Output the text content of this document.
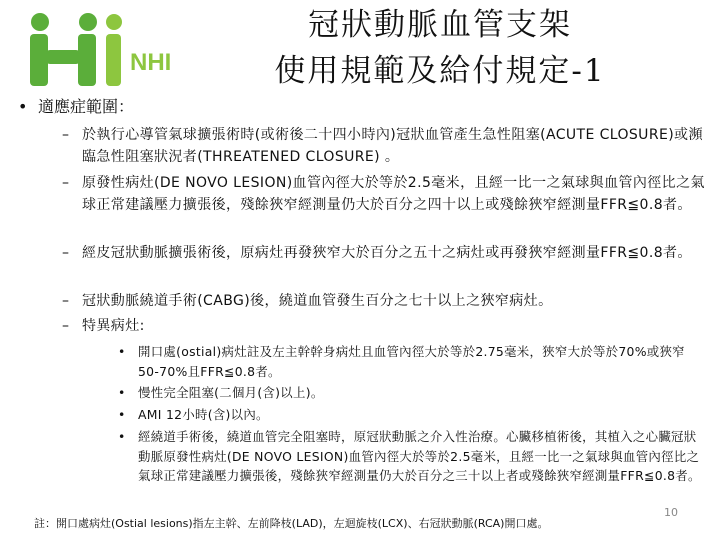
NHI
冠狀動脈血管支架
使用規範及給付規定-1
• 適應症範圍：
– 於執行心導管氣球擴張術時(或術後二十四小時內)冠狀血管產生急性阻塞(ACUTE CLOSURE)或瀕臨急性阻塞狀況者(THREATENED CLOSURE) 。
– 原發性病灶(DE NOVO LESION)血管內徑大於等於2.5毫米，且經一比一之氣球與血管內徑比之氣球正常建議壓力擴張後，殘餘狹窄經測量仍大於百分之四十以上或殘餘狹窄經測量FFR≦0.8者。
– 經皮冠狀動脈擴張術後，原病灶再發狹窄大於百分之五十之病灶或再發狹窄經測量FFR≦0.8者。
– 冠狀動脈繞道手術(CABG)後，繞道血管發生百分之七十以上之狹窄病灶。
– 特異病灶:
• 開口處(ostial)病灶註及左主幹幹身病灶且血管內徑大於等於2.75毫米，狹窄大於等於70%或狹窄50-70%且FFR≦0.8者。
• 慢性完全阻塞(二個月(含)以上)。
• AMI 12小時(含)以內。
• 經繞道手術後，繞道血管完全阻塞時，原冠狀動脈之介入性治療。心臟移植術後，其植入之心臟冠狀動脈原發性病灶(DE NOVO LESION)血管內徑大於等於2.5毫米，且經一比一之氣球與血管內徑比之氣球正常建議壓力擴張後，殘餘狹窄經測量仍大於百分之三十以上者或殘餘狹窄經測量FFR≦0.8者。
註：開口處病灶(Ostial lesions)指左主幹、左前降枝(LAD)，左迴旋枝(LCX)、右冠狀動脈(RCA)開口處。
10
